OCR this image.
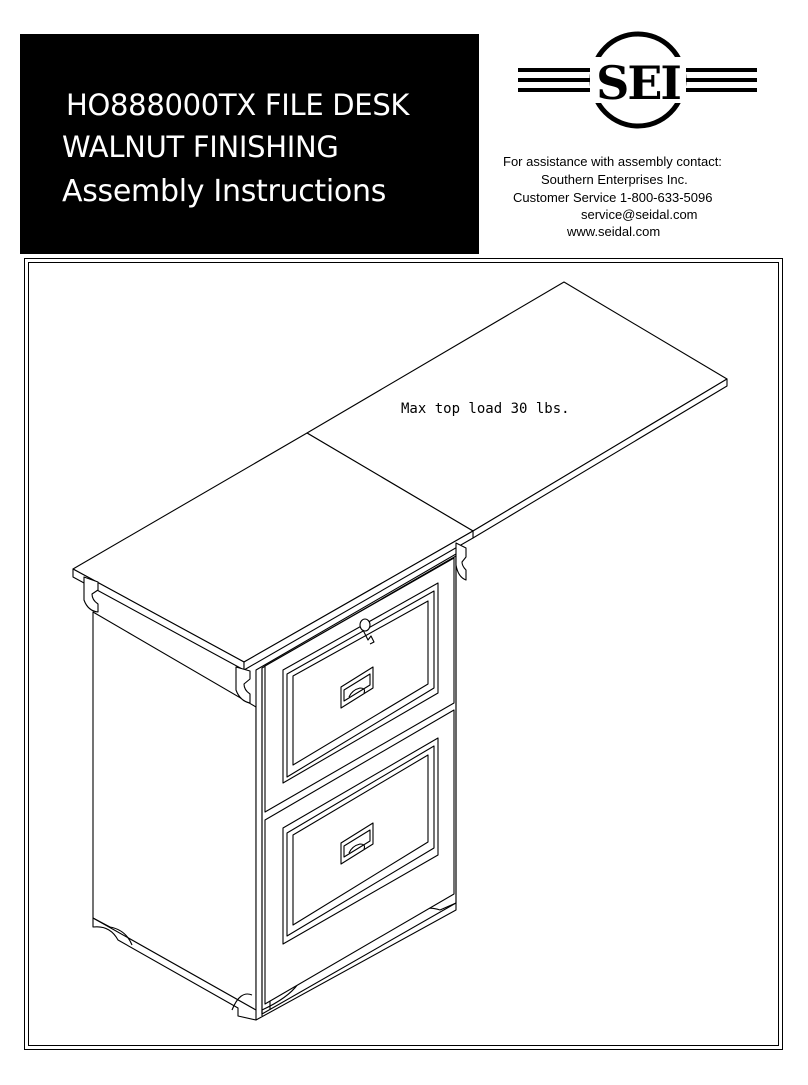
HO888000TX FILE DESK
WALNUT FINISHING
Assembly Instructions
SEI
For assistance with assembly contact:
Southern Enterprises Inc.
Customer Service 1-800-633-5096
service@seidal.com
www.seidal.com
Max top load 30 lbs.
